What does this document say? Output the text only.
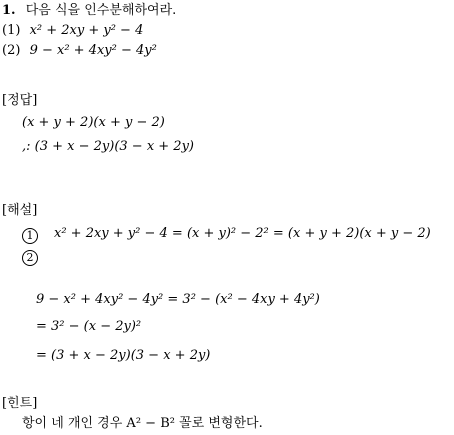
1. 다음 식을 인수분해하여라.
(1) x² + 2xy + y² − 4
(2) 9 − x² + 4xy² − 4y²
[정답]
(x + y + 2)(x + y − 2)
,: (3 + x − 2y)(3 − x + 2y)
[해설]
1 x² + 2xy + y² − 4 = (x + y)² − 2² = (x + y + 2)(x + y − 2)
2
9 − x² + 4xy² − 4y² = 3² − (x² − 4xy + 4y²)
= 3² − (x − 2y)²
= (3 + x − 2y)(3 − x + 2y)
[힌트]
항이 네 개인 경우 A² − B² 꼴로 변형한다.
